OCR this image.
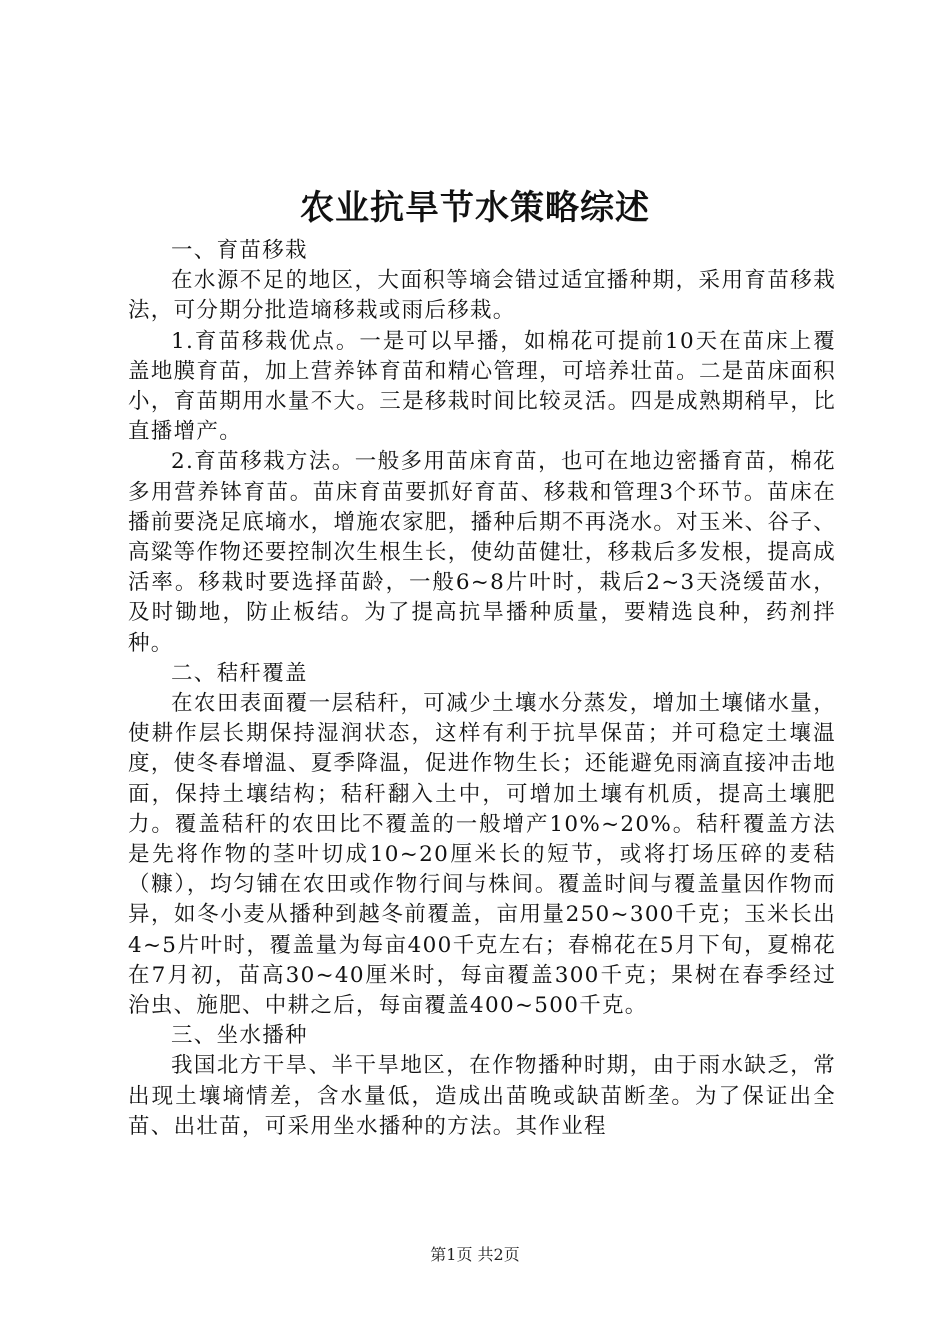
农业抗旱节水策略综述

一、育苗移栽

在水源不足的地区，大面积等墒会错过适宜播种期，采用育苗移栽法，可分期分批造墒移栽或雨后移栽。

1.育苗移栽优点。一是可以早播，如棉花可提前10天在苗床上覆盖地膜育苗，加上营养钵育苗和精心管理，可培养壮苗。二是苗床面积小，育苗期用水量不大。三是移栽时间比较灵活。四是成熟期稍早，比直播增产。

2.育苗移栽方法。一般多用苗床育苗，也可在地边密播育苗，棉花多用营养钵育苗。苗床育苗要抓好育苗、移栽和管理3个环节。苗床在播前要浇足底墒水，增施农家肥，播种后期不再浇水。对玉米、谷子、高粱等作物还要控制次生根生长，使幼苗健壮，移栽后多发根，提高成活率。移栽时要选择苗龄，一般6~8片叶时，栽后2~3天浇缓苗水，及时锄地，防止板结。为了提高抗旱播种质量，要精选良种，药剂拌种。

二、秸秆覆盖

在农田表面覆一层秸秆，可减少土壤水分蒸发，增加土壤储水量，使耕作层长期保持湿润状态，这样有利于抗旱保苗；并可稳定土壤温度，使冬春增温、夏季降温，促进作物生长；还能避免雨滴直接冲击地面，保持土壤结构；秸秆翻入土中，可增加土壤有机质，提高土壤肥力。覆盖秸秆的农田比不覆盖的一般增产10%~20%。秸秆覆盖方法是先将作物的茎叶切成10~20厘米长的短节，或将打场压碎的麦秸（糠），均匀铺在农田或作物行间与株间。覆盖时间与覆盖量因作物而异，如冬小麦从播种到越冬前覆盖，亩用量250~300千克；玉米长出4~5片叶时，覆盖量为每亩400千克左右；春棉花在5月下旬，夏棉花在7月初，苗高30~40厘米时，每亩覆盖300千克；果树在春季经过治虫、施肥、中耕之后，每亩覆盖400~500千克。

三、坐水播种

我国北方干旱、半干旱地区，在作物播种时期，由于雨水缺乏，常出现土壤墒情差，含水量低，造成出苗晚或缺苗断垄。为了保证出全苗、出壮苗，可采用坐水播种的方法。其作业程

第1页 共2页
